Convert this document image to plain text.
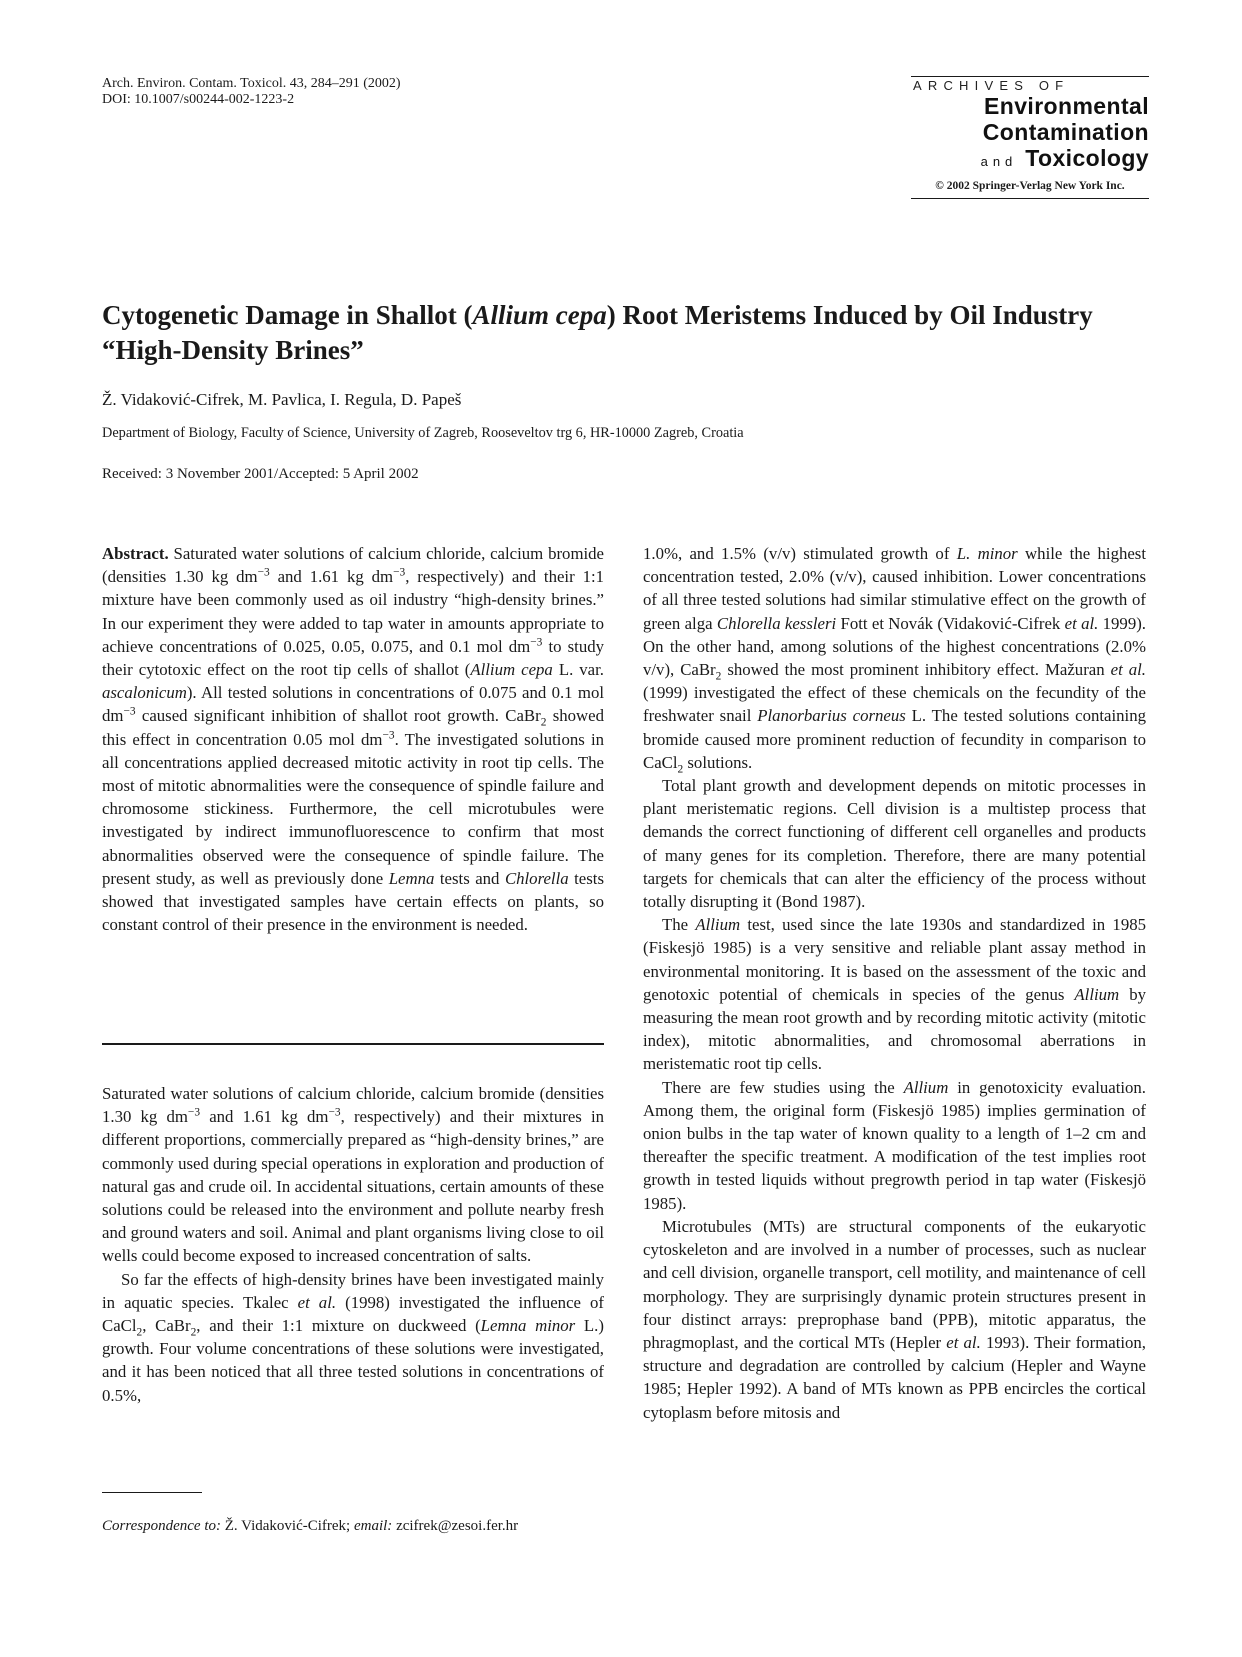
Arch. Environ. Contam. Toxicol. 43, 284–291 (2002)
DOI: 10.1007/s00244-002-1223-2
ARCHIVES OF
Environmental
Contamination
and Toxicology
© 2002 Springer-Verlag New York Inc.
Cytogenetic Damage in Shallot (Allium cepa) Root Meristems Induced by Oil Industry “High-Density Brines”
Ž. Vidaković-Cifrek, M. Pavlica, I. Regula, D. Papeš
Department of Biology, Faculty of Science, University of Zagreb, Rooseveltov trg 6, HR-10000 Zagreb, Croatia
Received: 3 November 2001/Accepted: 5 April 2002

Abstract. Saturated water solutions of calcium chloride, calcium bromide (densities 1.30 kg $dm^{-3}$ and 1.61 kg $dm^{-3}$, respectively) and their 1:1 mixture have been commonly used as oil industry “high-density brines.” In our experiment they were added to tap water in amounts appropriate to achieve concentrations of 0.025, 0.05, 0.075, and 0.1 mol $dm^{-3}$ to study their cytotoxic effect on the root tip cells of shallot (Allium cepa L. var. ascalonicum). All tested solutions in concentrations of 0.075 and 0.1 mol $dm^{-3}$ caused significant inhibition of shallot root growth. CaBr$_2$ showed this effect in concentration 0.05 mol $dm^{-3}$. The investigated solutions in all concentrations applied decreased mitotic activity in root tip cells. The most of mitotic abnormalities were the consequence of spindle failure and chromosome stickiness. Furthermore, the cell microtubules were investigated by indirect immunofluorescence to confirm that most abnormalities observed were the consequence of spindle failure. The present study, as well as previously done Lemna tests and Chlorella tests showed that investigated samples have certain effects on plants, so constant control of their presence in the environment is needed.

Saturated water solutions of calcium chloride, calcium bromide (densities 1.30 kg $dm^{-3}$ and 1.61 kg $dm^{-3}$, respectively) and their mixtures in different proportions, commercially prepared as “high-density brines,” are commonly used during special operations in exploration and production of natural gas and crude oil. In accidental situations, certain amounts of these solutions could be released into the environment and pollute nearby fresh and ground waters and soil. Animal and plant organisms living close to oil wells could become exposed to increased concentration of salts.

So far the effects of high-density brines have been investigated mainly in aquatic species. Tkalec et al. (1998) investigated the influence of CaCl$_2$, CaBr$_2$, and their 1:1 mixture on duckweed (Lemna minor L.) growth. Four volume concentrations of these solutions were investigated, and it has been noticed that all three tested solutions in concentrations of 0.5%,

Correspondence to: Ž. Vidaković-Cifrek; email: zcifrek@zesoi.fer.hr

1.0%, and 1.5% (v/v) stimulated growth of L. minor while the highest concentration tested, 2.0% (v/v), caused inhibition. Lower concentrations of all three tested solutions had similar stimulative effect on the growth of green alga Chlorella kessleri Fott et Novák (Vidaković-Cifrek et al. 1999). On the other hand, among solutions of the highest concentrations (2.0% v/v), CaBr$_2$ showed the most prominent inhibitory effect. Mažuran et al. (1999) investigated the effect of these chemicals on the fecundity of the freshwater snail Planorbarius corneus L. The tested solutions containing bromide caused more prominent reduction of fecundity in comparison to CaCl$_2$ solutions.

Total plant growth and development depends on mitotic processes in plant meristematic regions. Cell division is a multistep process that demands the correct functioning of different cell organelles and products of many genes for its completion. Therefore, there are many potential targets for chemicals that can alter the efficiency of the process without totally disrupting it (Bond 1987).

The Allium test, used since the late 1930s and standardized in 1985 (Fiskesjö 1985) is a very sensitive and reliable plant assay method in environmental monitoring. It is based on the assessment of the toxic and genotoxic potential of chemicals in species of the genus Allium by measuring the mean root growth and by recording mitotic activity (mitotic index), mitotic abnormalities, and chromosomal aberrations in meristematic root tip cells.

There are few studies using the Allium in genotoxicity evaluation. Among them, the original form (Fiskesjö 1985) implies germination of onion bulbs in the tap water of known quality to a length of 1–2 cm and thereafter the specific treatment. A modification of the test implies root growth in tested liquids without pregrowth period in tap water (Fiskesjö 1985).

Microtubules (MTs) are structural components of the eukaryotic cytoskeleton and are involved in a number of processes, such as nuclear and cell division, organelle transport, cell motility, and maintenance of cell morphology. They are surprisingly dynamic protein structures present in four distinct arrays: preprophase band (PPB), mitotic apparatus, the phragmoplast, and the cortical MTs (Hepler et al. 1993). Their formation, structure and degradation are controlled by calcium (Hepler and Wayne 1985; Hepler 1992). A band of MTs known as PPB encircles the cortical cytoplasm before mitosis and
